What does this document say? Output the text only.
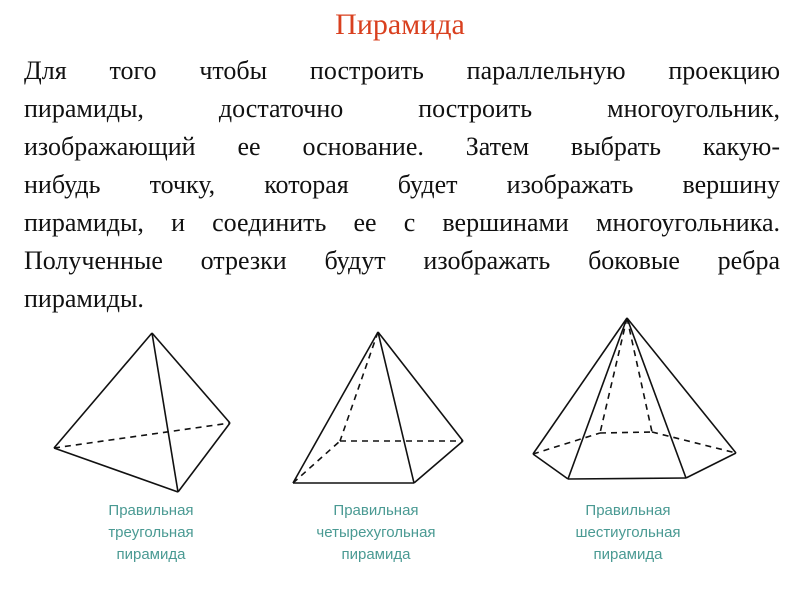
Пирамида
Для того чтобы построить параллельную проекцию
пирамиды, достаточно построить многоугольник,
изображающий ее основание. Затем выбрать какую-
нибудь точку, которая будет изображать вершину
пирамиды, и соединить ее с вершинами многоугольника.
Полученные отрезки будут изображать боковые ребра
пирамиды.
Правильная
треугольная
пирамида
Правильная
четырехугольная
пирамида
Правильная
шестиугольная
пирамида
